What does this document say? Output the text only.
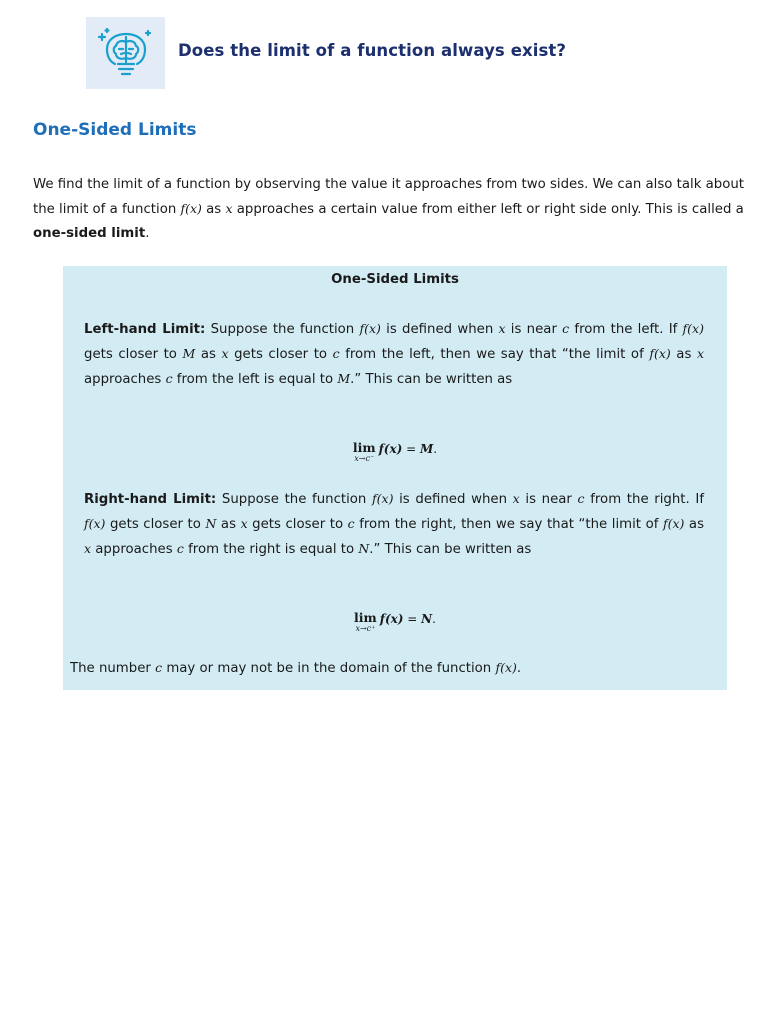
Does the limit of a function always exist?
One-Sided Limits

We find the limit of a function by observing the value it approaches from two sides. We can also talk about the limit of a function f(x) as x approaches a certain value from either left or right side only. This is called a one-sided limit.

One-Sided Limits

Left-hand Limit: Suppose the function f(x) is defined when x is near c from the left. If f(x) gets closer to M as x gets closer to c from the left, then we say that “the limit of f(x) as x approaches c from the left is equal to M.” This can be written as

lim
x→c⁻
f(x) = M.

Right-hand Limit: Suppose the function f(x) is defined when x is near c from the right. If f(x) gets closer to N as x gets closer to c from the right, then we say that “the limit of f(x) as x approaches c from the right is equal to N.” This can be written as

lim
x→c⁺
f(x) = N.

The number c may or may not be in the domain of the function f(x).
